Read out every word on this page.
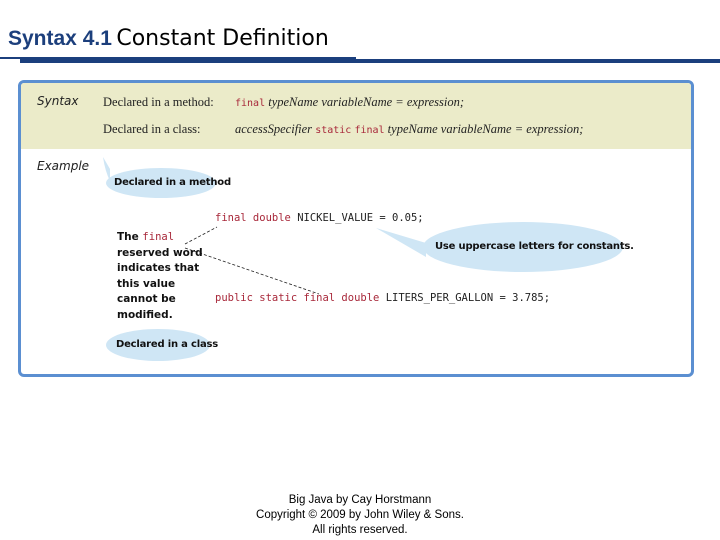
Syntax 4.1 Constant Definition
Syntax Declared in a method: final typeName variableName = expression;
Declared in a class:	accessSpecifier static final typeName variableName = expression;
Example
Declared in a method
Use uppercase letters for constants.
Declared in a class
final double NICKEL_VALUE = 0.05;
public static final double LITERS_PER_GALLON = 3.785;
The final reserved word indicates that this value cannot be modified.
Big Java by Cay Horstmann
Copyright © 2009 by John Wiley & Sons.
All rights reserved.
